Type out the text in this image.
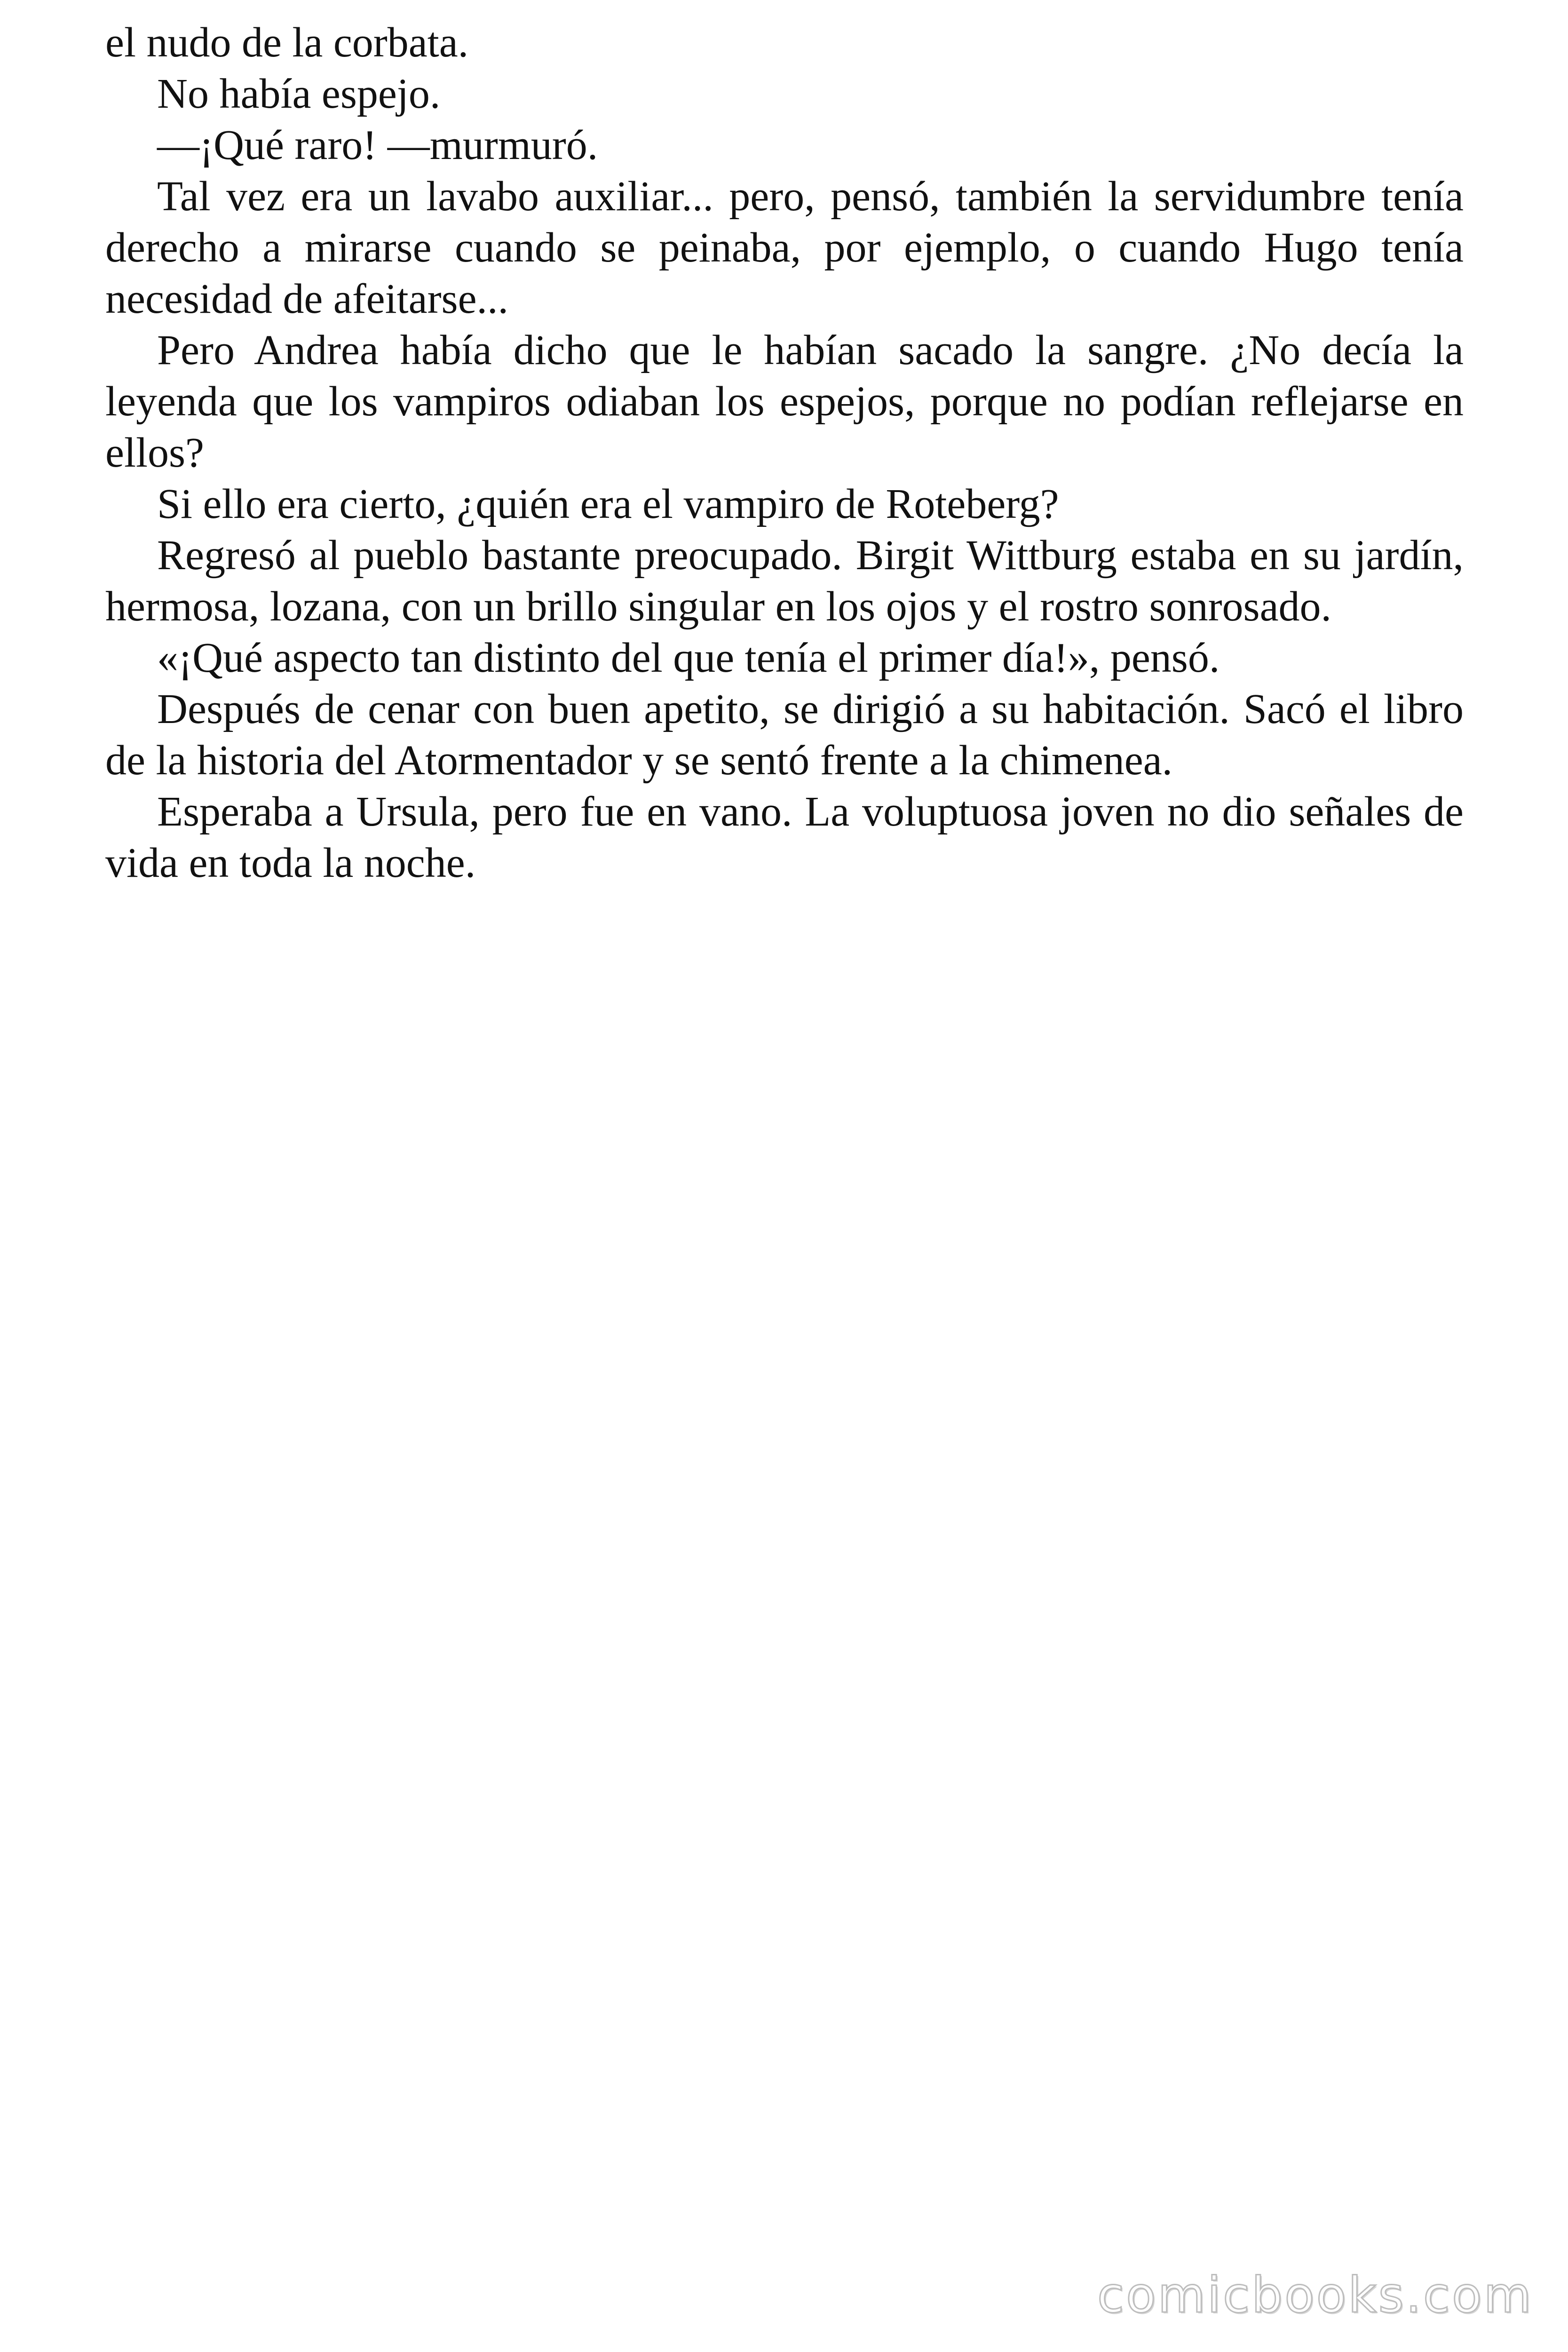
el nudo de la corbata.

No había espejo.

—¡Qué raro! —murmuró.

Tal vez era un lavabo auxiliar... pero, pensó, también la servidumbre tenía derecho a mirarse cuando se peinaba, por ejemplo, o cuando Hugo tenía necesidad de afeitarse...

Pero Andrea había dicho que le habían sacado la sangre. ¿No decía la leyenda que los vampiros odiaban los espejos, porque no podían reflejarse en ellos?

Si ello era cierto, ¿quién era el vampiro de Roteberg?

Regresó al pueblo bastante preocupado. Birgit Wittburg estaba en su jardín, hermosa, lozana, con un brillo singular en los ojos y el rostro sonrosado.

«¡Qué aspecto tan distinto del que tenía el primer día!», pensó.

Después de cenar con buen apetito, se dirigió a su habitación. Sacó el libro de la historia del Atormentador y se sentó frente a la chimenea.

Esperaba a Ursula, pero fue en vano. La voluptuosa joven no dio señales de vida en toda la noche.

comicbooks.com
